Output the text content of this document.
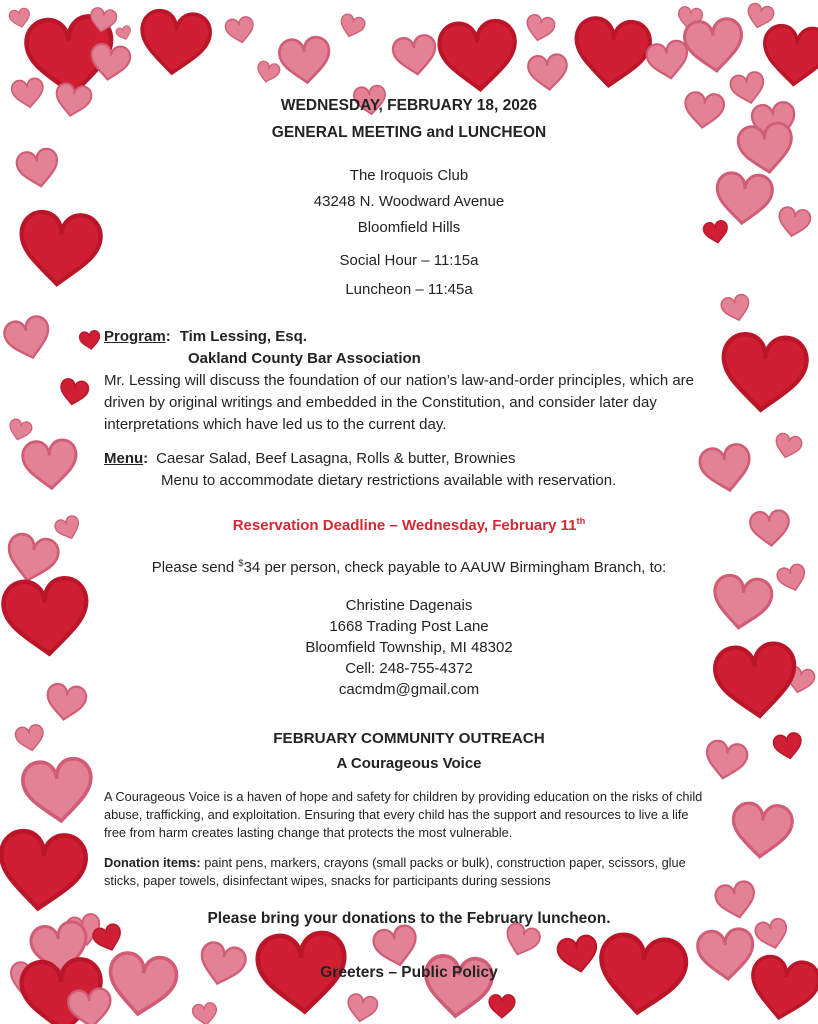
WEDNESDAY, FEBRUARY 18, 2026
GENERAL MEETING and LUNCHEON
The Iroquois Club
43248 N. Woodward Avenue
Bloomfield Hills
Social Hour – 11:15a
Luncheon – 11:45a
Program: Tim Lessing, Esq.
Oakland County Bar Association
Mr. Lessing will discuss the foundation of our nation’s law-and-order principles, which are driven by original writings and embedded in the Constitution, and consider later day interpretations which have led us to the current day.
Menu: Caesar Salad, Beef Lasagna, Rolls & butter, Brownies
Menu to accommodate dietary restrictions available with reservation.
Reservation Deadline – Wednesday, February 11th
Please send $34 per person, check payable to AAUW Birmingham Branch, to:
Christine Dagenais
1668 Trading Post Lane
Bloomfield Township, MI 48302
Cell: 248-755-4372
cacmdm@gmail.com
FEBRUARY COMMUNITY OUTREACH
A Courageous Voice

A Courageous Voice is a haven of hope and safety for children by providing education on the risks of child abuse, trafficking, and exploitation. Ensuring that every child has the support and resources to live a life free from harm creates lasting change that protects the most vulnerable.

Donation items: paint pens, markers, crayons (small packs or bulk), construction paper, scissors, glue sticks, paper towels, disinfectant wipes, snacks for participants during sessions

Please bring your donations to the February luncheon.
Greeters – Public Policy
